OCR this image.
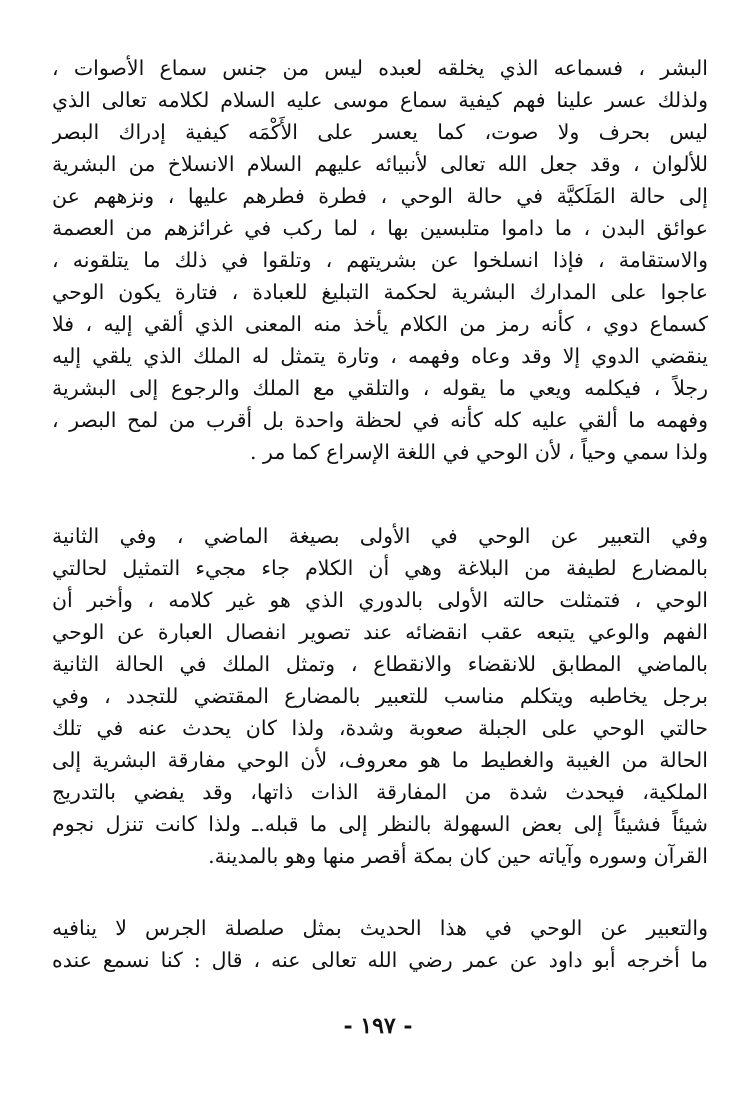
البشر ، فسماعه الذي يخلقه لعبده ليس من جنس سماع الأصوات ،
ولذلك عسر علينا فهم كيفية سماع موسى عليه السلام لكلامه تعالى الذي
ليس بحرف ولا صوت، كما يعسر على الأَكْمَه كيفية إدراك البصر
للألوان ، وقد جعل الله تعالى لأنبيائه عليهم السلام الانسلاخ من البشرية
إلى حالة المَلَكيَّة في حالة الوحي ، فطرة فطرهم عليها ، ونزههم عن
عوائق البدن ، ما داموا متلبسين بها ، لما ركب في غرائزهم من العصمة
والاستقامة ، فإذا انسلخوا عن بشريتهم ، وتلقوا في ذلك ما يتلقونه ،
عاجوا على المدارك البشرية لحكمة التبليغ للعبادة ، فتارة يكون الوحي
كسماع دوي ، كأنه رمز من الكلام يأخذ منه المعنى الذي ألقي إليه ، فلا
ينقضي الدوي إلا وقد وعاه وفهمه ، وتارة يتمثل له الملك الذي يلقي إليه
رجلاً ، فيكلمه ويعي ما يقوله ، والتلقي مع الملك والرجوع إلى البشرية
وفهمه ما ألقي عليه كله كأنه في لحظة واحدة بل أقرب من لمح البصر ،
ولذا سمي وحياً ، لأن الوحي في اللغة الإسراع كما مر .
وفي التعبير عن الوحي في الأولى بصيغة الماضي ، وفي الثانية
بالمضارع لطيفة من البلاغة وهي أن الكلام جاء مجيء التمثيل لحالتي
الوحي ، فتمثلت حالته الأولى بالدوري الذي هو غير كلامه ، وأخبر أن
الفهم والوعي يتبعه عقب انقضائه عند تصوير انفصال العبارة عن الوحي
بالماضي المطابق للانقضاء والانقطاع ، وتمثل الملك في الحالة الثانية
برجل يخاطبه ويتكلم مناسب للتعبير بالمضارع المقتضي للتجدد ، وفي
حالتي الوحي على الجبلة صعوبة وشدة، ولذا كان يحدث عنه في تلك
الحالة من الغيبة والغطيط ما هو معروف، لأن الوحي مفارقة البشرية إلى
الملكية، فيحدث شدة من المفارقة الذات ذاتها، وقد يفضي بالتدريج
شيئاً فشيئاً إلى بعض السهولة بالنظر إلى ما قبله.ـ ولذا كانت تنزل نجوم
القرآن وسوره وآياته حين كان بمكة أقصر منها وهو بالمدينة.
والتعبير عن الوحي في هذا الحديث بمثل صلصلة الجرس لا ينافيه
ما أخرجه أبو داود عن عمر رضي الله تعالى عنه ، قال : كنا نسمع عنده
- ١٩٧ -
